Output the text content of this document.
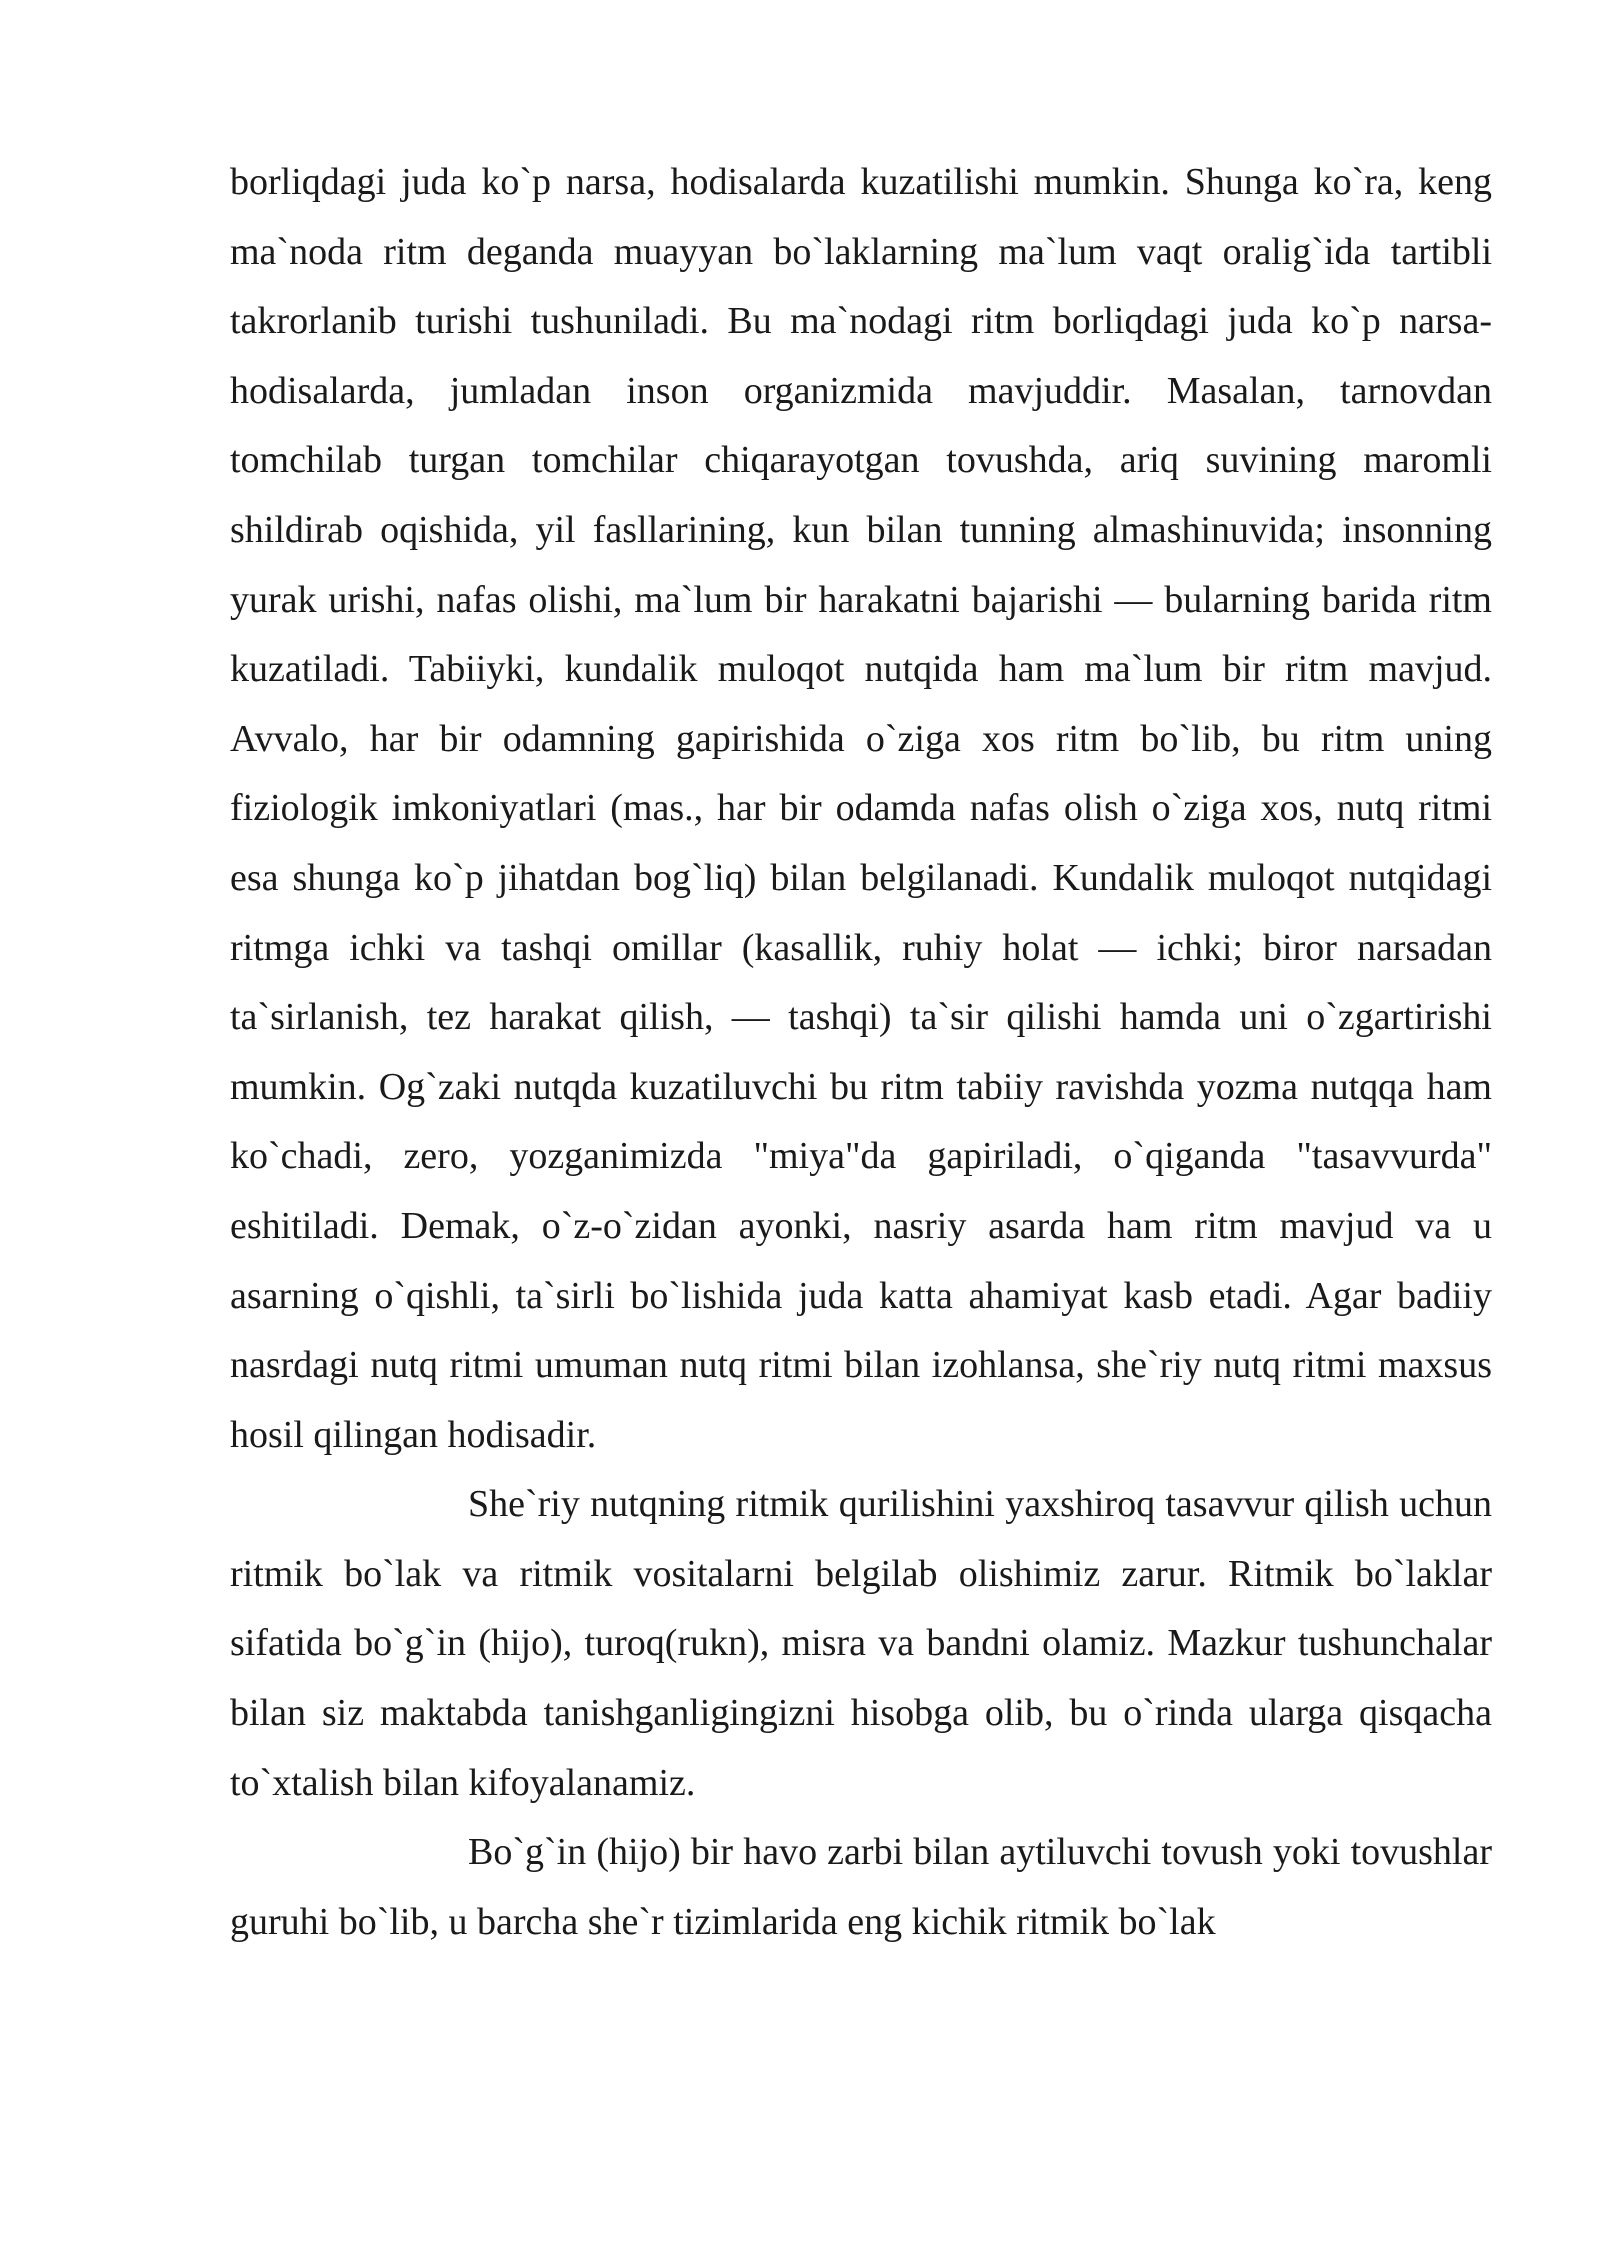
borliqdagi juda ko`p narsa, hodisalarda kuzatilishi mumkin. Shunga ko`ra, keng ma`noda ritm deganda muayyan bo`laklarning ma`lum vaqt oralig`ida tartibli takrorlanib turishi tushuniladi. Bu ma`nodagi ritm borliqdagi juda ko`p narsa-hodisalarda, jumladan inson organizmida mavjuddir. Masalan, tarnovdan tomchilab turgan tomchilar chiqarayotgan tovushda, ariq suvining maromli shildirab oqishida, yil fasllarining, kun bilan tunning almashinuvida; insonning yurak urishi, nafas olishi, ma`lum bir harakatni bajarishi — bularning barida ritm kuzatiladi. Tabiiyki, kundalik muloqot nutqida ham ma`lum bir ritm mavjud. Avvalo, har bir odamning gapirishida o`ziga xos ritm bo`lib, bu ritm uning fiziologik imkoniyatlari (mas., har bir odamda nafas olish o`ziga xos, nutq ritmi esa shunga ko`p jihatdan bog`liq) bilan belgilanadi. Kundalik muloqot nutqidagi ritmga ichki va tashqi omillar (kasallik, ruhiy holat — ichki; biror narsadan ta`sirlanish, tez harakat qilish, — tashqi) ta`sir qilishi hamda uni o`zgartirishi mumkin. Og`zaki nutqda kuzatiluvchi bu ritm tabiiy ravishda yozma nutqqa ham ko`chadi, zero, yozganimizda "miya"da gapiriladi, o`qiganda "tasavvurda" eshitiladi. Demak, o`z-o`zidan ayonki, nasriy asarda ham ritm mavjud va u asarning o`qishli, ta`sirli bo`lishida juda katta ahamiyat kasb etadi. Agar badiiy nasrdagi nutq ritmi umuman nutq ritmi bilan izohlansa, she`riy nutq ritmi maxsus hosil qilingan hodisadir.

She`riy nutqning ritmik qurilishini yaxshiroq tasavvur qilish uchun ritmik bo`lak va ritmik vositalarni belgilab olishimiz zarur. Ritmik bo`laklar sifatida bo`g`in (hijo), turoq(rukn), misra va bandni olamiz. Mazkur tushunchalar bilan siz maktabda tanishganligingizni hisobga olib, bu o`rinda ularga qisqacha to`xtalish bilan kifoyalanamiz.

Bo`g`in (hijo) bir havo zarbi bilan aytiluvchi tovush yoki tovushlar guruhi bo`lib, u barcha she`r tizimlarida eng kichik ritmik bo`lak
